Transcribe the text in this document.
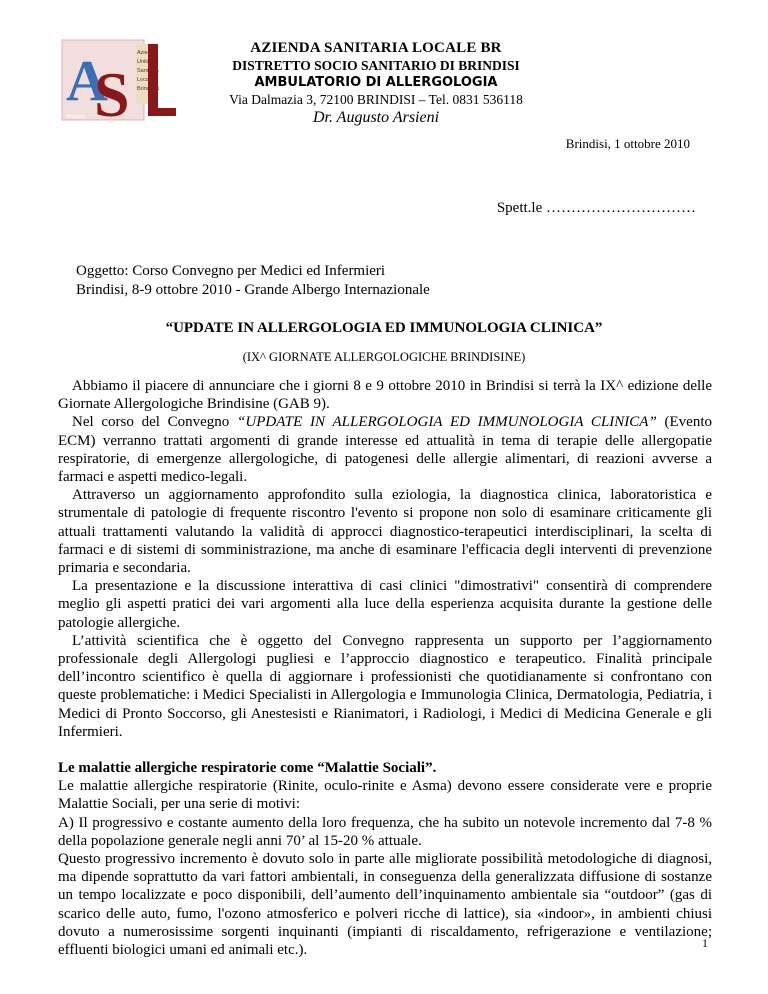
A
S
Azienda
Unità
Sanitaria
Locale
Brindisi 1
Brindisi
AZIENDA SANITARIA LOCALE BR
DISTRETTO SOCIO SANITARIO DI BRINDISI
AMBULATORIO DI ALLERGOLOGIA
Via Dalmazia 3, 72100 BRINDISI – Tel. 0831 536118
Dr. Augusto Arsieni
Brindisi, 1 ottobre 2010
Spett.le …………………………
Oggetto: Corso Convegno per Medici ed Infermieri
Brindisi, 8-9 ottobre 2010 - Grande Albergo Internazionale
“UPDATE IN ALLERGOLOGIA ED IMMUNOLOGIA CLINICA”
(IX^ GIORNATE ALLERGOLOGICHE BRINDISINE)

Abbiamo il piacere di annunciare che i giorni 8 e 9 ottobre 2010 in Brindisi si terrà la IX^ edizione delle Giornate Allergologiche Brindisine (GAB 9).

Nel corso del Convegno “UPDATE IN ALLERGOLOGIA ED IMMUNOLOGIA CLINICA” (Evento ECM) verranno trattati argomenti di grande interesse ed attualità in tema di terapie delle allergopatie respiratorie, di emergenze allergologiche, di patogenesi delle allergie alimentari, di reazioni avverse a farmaci e aspetti medico-legali.

Attraverso un aggiornamento approfondito sulla eziologia, la diagnostica clinica, laboratoristica e strumentale di patologie di frequente riscontro l'evento si propone non solo di esaminare criticamente gli attuali trattamenti valutando la validità di approcci diagnostico-terapeutici interdisciplinari, la scelta di farmaci e di sistemi di somministrazione, ma anche di esaminare l'efficacia degli interventi di prevenzione primaria e secondaria.

La presentazione e la discussione interattiva di casi clinici "dimostrativi" consentirà di comprendere meglio gli aspetti pratici dei vari argomenti alla luce della esperienza acquisita durante la gestione delle patologie allergiche.

L’attività scientifica che è oggetto del Convegno rappresenta un supporto per l’aggiornamento professionale degli Allergologi pugliesi e l’approccio diagnostico e terapeutico. Finalità principale dell’incontro scientifico è quella di aggiornare i professionisti che quotidianamente si confrontano con queste problematiche: i Medici Specialisti in Allergologia e Immunologia Clinica, Dermatologia, Pediatria, i Medici di Pronto Soccorso, gli Anestesisti e Rianimatori, i Radiologi, i Medici di Medicina Generale e gli Infermieri.

Le malattie allergiche respiratorie come “Malattie Sociali”.

Le malattie allergiche respiratorie (Rinite, oculo-rinite e Asma) devono essere considerate vere e proprie Malattie Sociali, per una serie di motivi:

A) Il progressivo e costante aumento della loro frequenza, che ha subito un notevole incremento dal 7-8 % della popolazione generale negli anni 70’ al 15-20 % attuale.

Questo progressivo incremento è dovuto solo in parte alle migliorate possibilità metodologiche di diagnosi, ma dipende soprattutto da vari fattori ambientali, in conseguenza della generalizzata diffusione di sostanze un tempo localizzate e poco disponibili, dell’aumento dell’inquinamento ambientale sia “outdoor” (gas di scarico delle auto, fumo, l'ozono atmosferico e polveri ricche di lattice), sia «indoor», in ambienti chiusi dovuto a numerosissime sorgenti inquinanti (impianti di riscaldamento, refrigerazione e ventilazione; effluenti biologici umani ed animali etc.).	1
